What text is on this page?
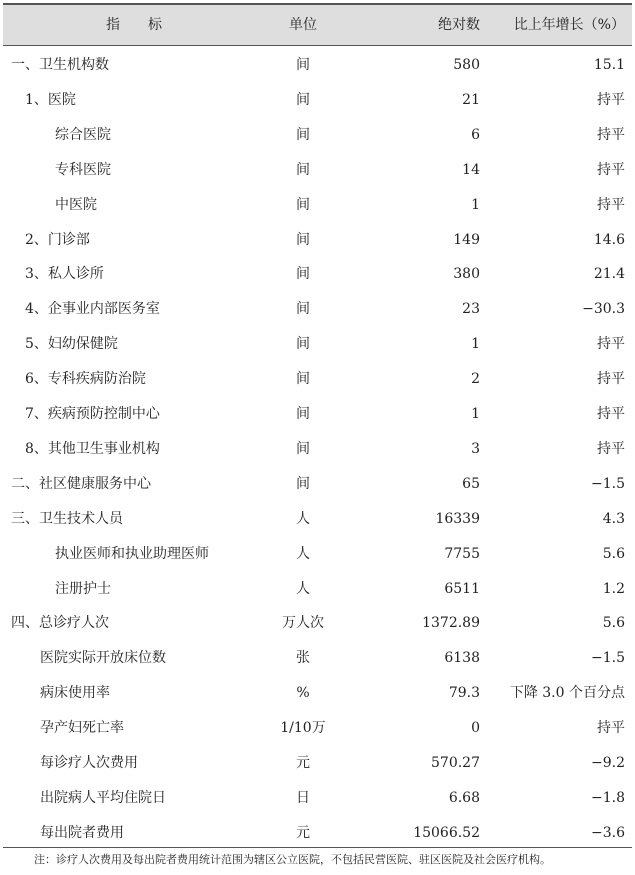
指　　标	单位	绝对数	比上年增长（%）
一、卫生机构数	间	580	15.1
1、医院	间	21	持平
综合医院	间	6	持平
专科医院	间	14	持平
中医院	间	1	持平
2、门诊部	间	149	14.6
3、私人诊所	间	380	21.4
4、企事业内部医务室	间	23	−30.3
5、妇幼保健院	间	1	持平
6、专科疾病防治院	间	2	持平
7、疾病预防控制中心	间	1	持平
8、其他卫生事业机构	间	3	持平
二、社区健康服务中心	间	65	−1.5
三、卫生技术人员	人	16339	4.3
执业医师和执业助理医师	人	7755	5.6
注册护士	人	6511	1.2
四、总诊疗人次	万人次	1372.89	5.6
医院实际开放床位数	张	6138	−1.5
病床使用率	%	79.3	下降 3.0 个百分点
孕产妇死亡率	1/10万	0	持平
每诊疗人次费用	元	570.27	−9.2
出院病人平均住院日	日	6.68	−1.8
每出院者费用	元	15066.52	−3.6
注：诊疗人次费用及每出院者费用统计范围为辖区公立医院，不包括民营医院、驻区医院及社会医疗机构。
